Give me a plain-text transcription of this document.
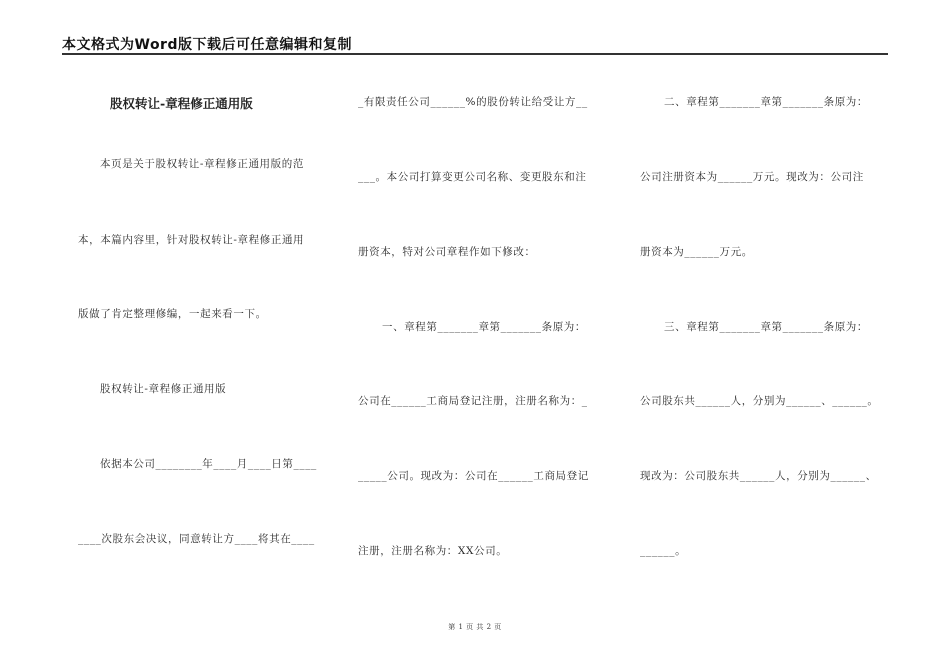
本文格式为Word版下载后可任意编辑和复制
股权转让-章程修正通用版
本页是关于股权转让-章程修正通用版的范
本，本篇内容里，针对股权转让-章程修正通用
版做了肯定整理修编，一起来看一下。
股权转让-章程修正通用版
依据本公司________年____月____日第____
____次股东会决议，同意转让方____将其在____
_有限责任公司______%的股份转让给受让方__
___。本公司打算变更公司名称、变更股东和注
册资本，特对公司章程作如下修改：
一、章程第_______章第_______条原为：
公司在______工商局登记注册，注册名称为：_
_____公司。现改为：公司在______工商局登记
注册，注册名称为：XX公司。
二、章程第_______章第_______条原为：
公司注册资本为______万元。现改为：公司注
册资本为______万元。
三、章程第_______章第_______条原为：
公司股东共______人，分别为______、______。
现改为：公司股东共______人，分别为______、
______。
第 1 页 共 2 页
